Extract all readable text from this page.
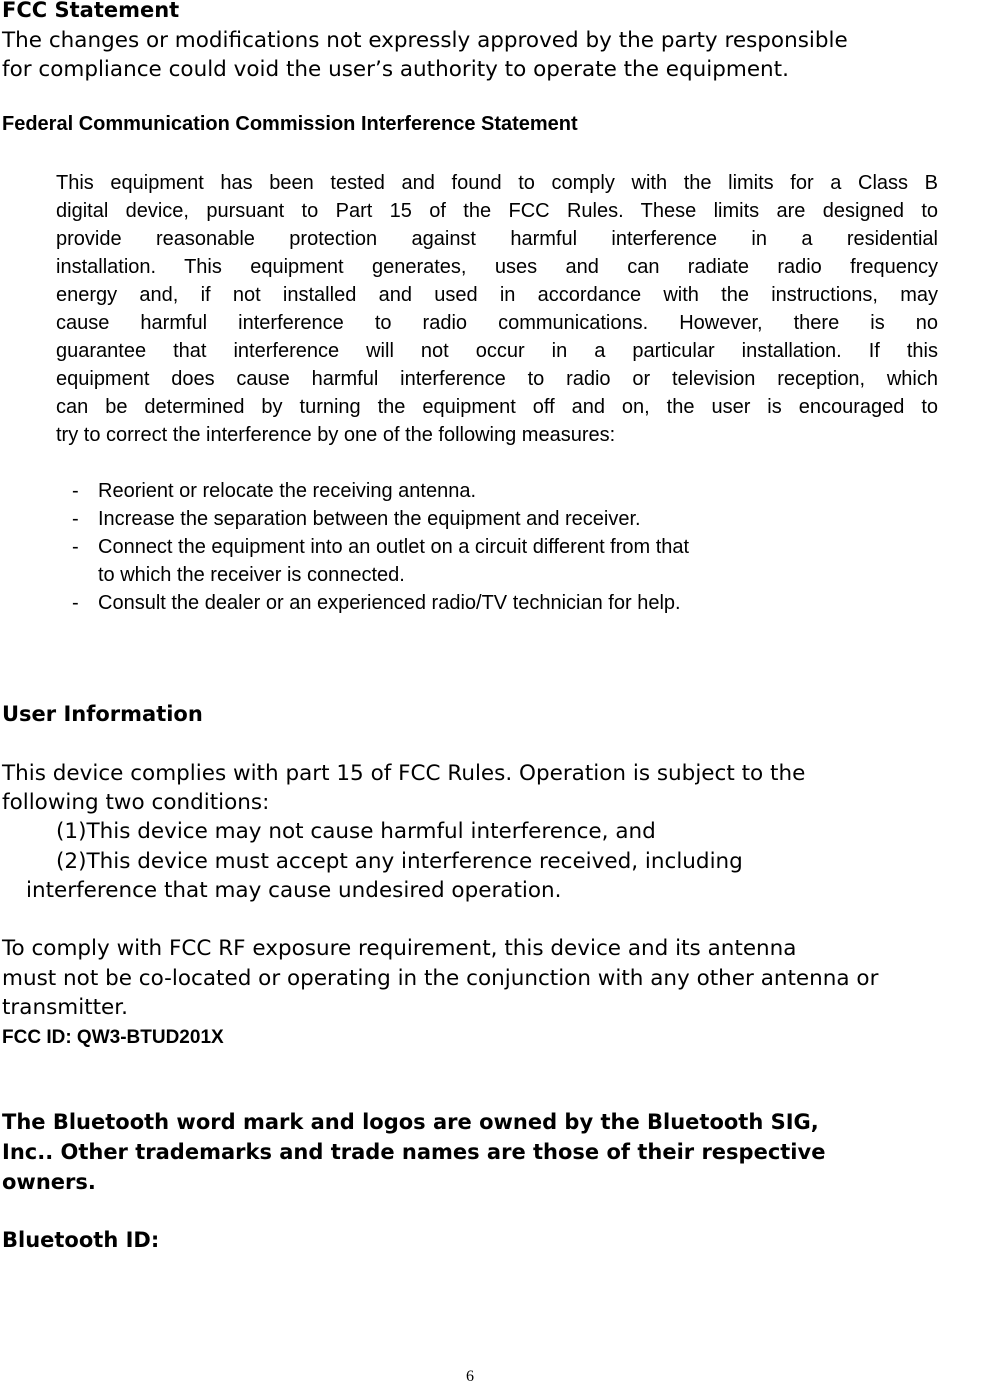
FCC Statement
The changes or modifications not expressly approved by the party responsible
for compliance could void the user’s authority to operate the equipment.
Federal Communication Commission Interference Statement
This equipment has been tested and found to comply with the limits for a Class B
digital device, pursuant to Part 15 of the FCC Rules. These limits are designed to
provide reasonable protection against harmful interference in a residential
installation. This equipment generates, uses and can radiate radio frequency
energy and, if not installed and used in accordance with the instructions, may
cause harmful interference to radio communications. However, there is no
guarantee that interference will not occur in a particular installation. If this
equipment does cause harmful interference to radio or television reception, which
can be determined by turning the equipment off and on, the user is encouraged to
try to correct the interference by one of the following measures:
- Reorient or relocate the receiving antenna.
- Increase the separation between the equipment and receiver.
- Connect the equipment into an outlet on a circuit different from that
to which the receiver is connected.
- Consult the dealer or an experienced radio/TV technician for help.
User Information
This device complies with part 15 of FCC Rules. Operation is subject to the
following two conditions:
(1)This device may not cause harmful interference, and
(2)This device must accept any interference received, including
interference that may cause undesired operation.
To comply with FCC RF exposure requirement, this device and its antenna
must not be co-located or operating in the conjunction with any other antenna or
transmitter.
FCC ID: QW3-BTUD201X
The Bluetooth word mark and logos are owned by the Bluetooth SIG,
Inc.. Other trademarks and trade names are those of their respective
owners.
Bluetooth ID:
6
